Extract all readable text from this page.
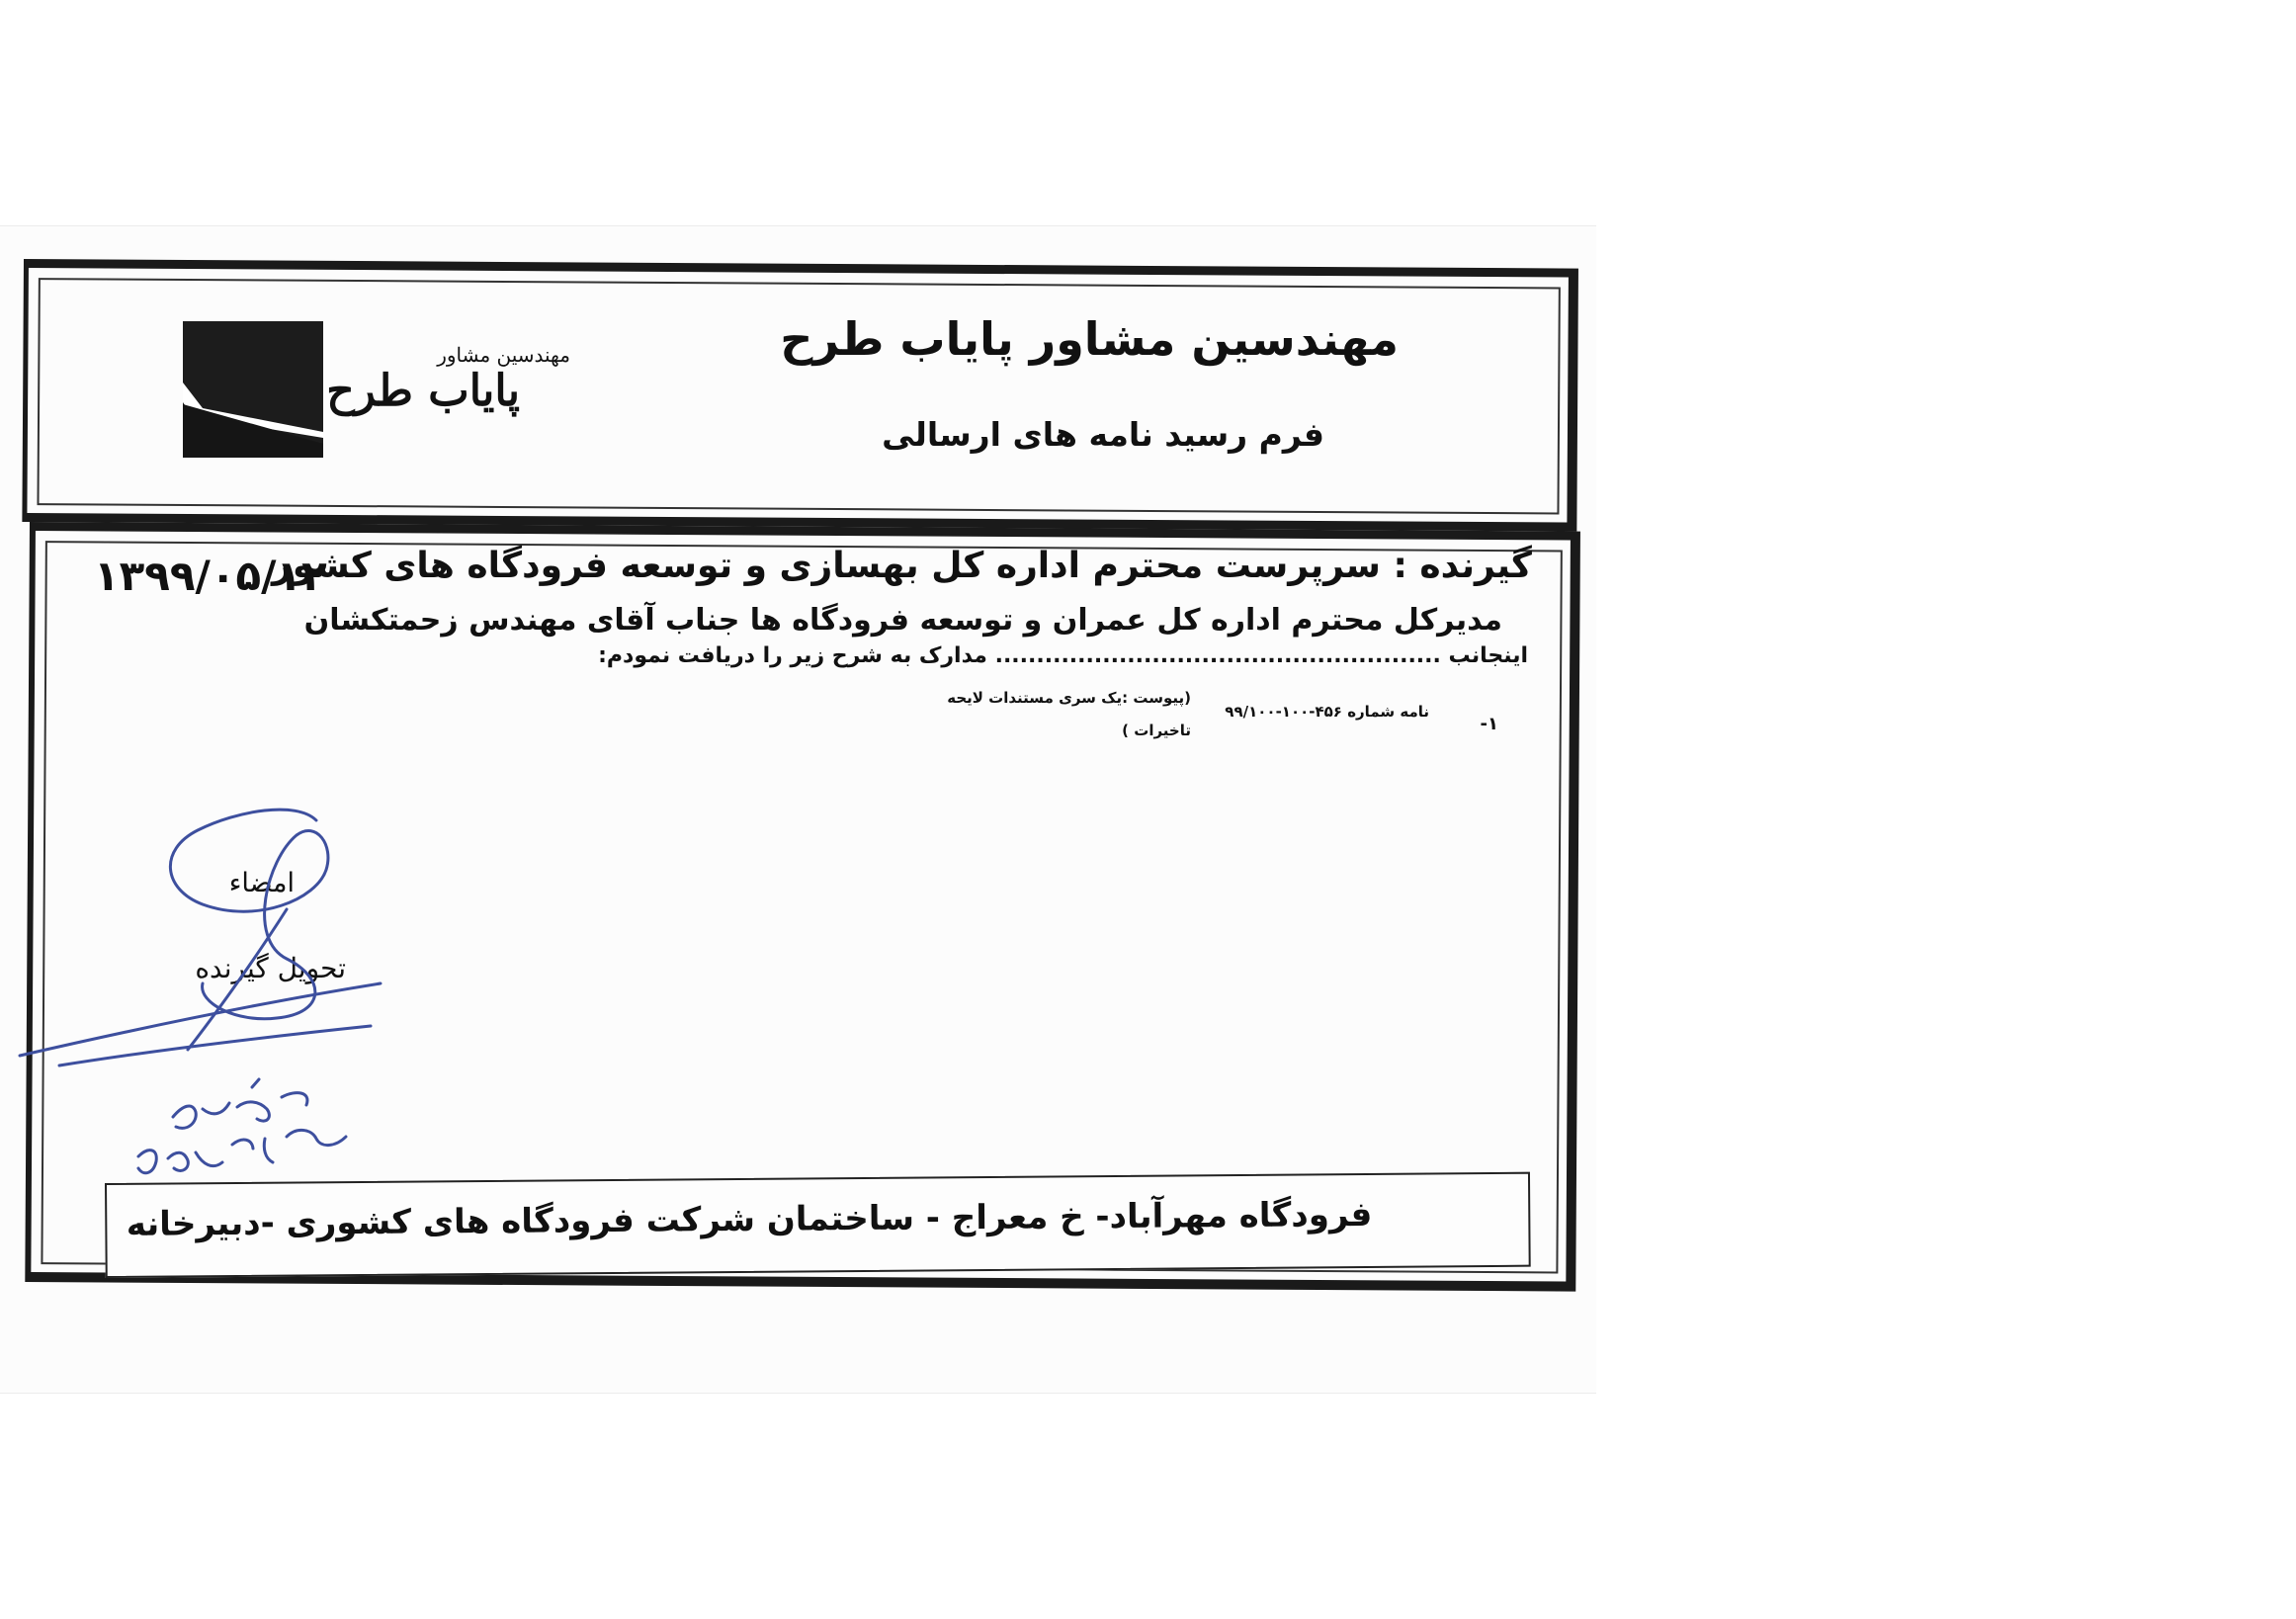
مهندسین مشاور
پایاب طرح
مهندسین مشاور پایاب طرح
فرم رسید نامه های ارسالی
گیرنده : سرپرست محترم اداره کل بهسازی و توسعه فرودگاه های کشور
مدیرکل محترم اداره کل عمران و توسعه فرودگاه ها جناب آقای مهندس زحمتکشان
اینجانب ...................................................... مدارک به شرح زیر را دریافت نمودم:
۱۳۹۹/۰۵/۱۲
۱-
نامه شماره ۴۵۶-۱۰۰-۹۹/۱۰۰
(پیوست :یک سری مستندات لایحه
تاخیرات )
امضاء
تحویل گیرنده
فرودگاه مهرآباد- خ معراج - ساختمان شرکت فرودگاه های کشوری -دبیرخانه
